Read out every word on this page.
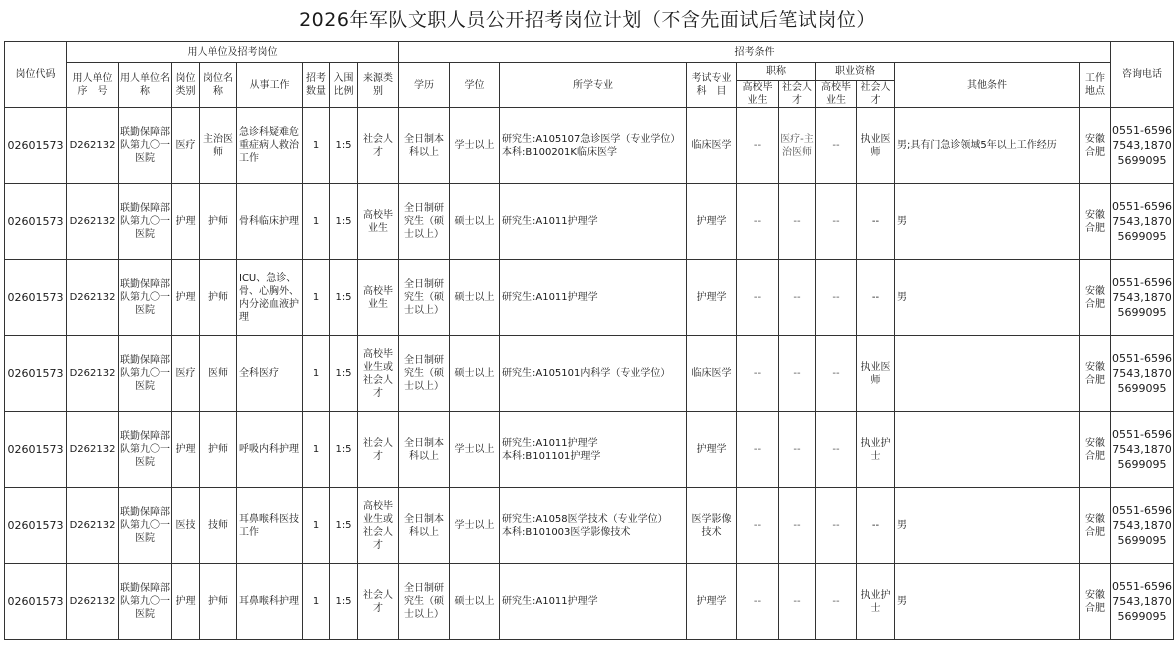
2026年军队文职人员公开招考岗位计划（不含先面试后笔试岗位）
岗位代码	用人单位及招考岗位								招考条件										咨询电话
	用人单位序　号	用人单位名　称	岗位类别	岗位名称	从事工作	招考数量	入围比例	来源类别	学历	学位	所学专业	考试专业科　目	职称		职业资格		其他条件	工作地点	
													高校毕业生	社会人才	高校毕业生	社会人才			
02601573	D262132	联勤保障部队第九〇一医院	医疗	主治医师	急诊科疑难危重症病人救治工作	1	1:5	社会人才	全日制本科以上	学士以上	研究生:A105107急诊医学（专业学位）
本科:B100201K临床医学	临床医学	--	医疗-主治医师	--	执业医师	男;具有门急诊领域5年以上工作经历	安徽合肥	0551-65967543,18705699095
02601573	D262132	联勤保障部队第九〇一医院	护理	护师	骨科临床护理	1	1:5	高校毕业生	全日制研究生（硕士以上）	硕士以上	研究生:A1011护理学	护理学	--	--	--	--	男	安徽合肥	0551-65967543,18705699095
02601573	D262132	联勤保障部队第九〇一医院	护理	护师	ICU、急诊、骨、心胸外、内分泌血液护理	1	1:5	高校毕业生	全日制研究生（硕士以上）	硕士以上	研究生:A1011护理学	护理学	--	--	--	--	男	安徽合肥	0551-65967543,18705699095
02601573	D262132	联勤保障部队第九〇一医院	医疗	医师	全科医疗	1	1:5	高校毕业生或社会人才	全日制研究生（硕士以上）	硕士以上	研究生:A105101内科学（专业学位）	临床医学	--	--	--	执业医师		安徽合肥	0551-65967543,18705699095
02601573	D262132	联勤保障部队第九〇一医院	护理	护师	呼吸内科护理	1	1:5	社会人才	全日制本科以上	学士以上	研究生:A1011护理学
本科:B101101护理学	护理学	--	--	--	执业护士		安徽合肥	0551-65967543,18705699095
02601573	D262132	联勤保障部队第九〇一医院	医技	技师	耳鼻喉科医技工作	1	1:5	高校毕业生或社会人才	全日制本科以上	学士以上	研究生:A1058医学技术（专业学位）
本科:B101003医学影像技术	医学影像技术	--	--	--	--	男	安徽合肥	0551-65967543,18705699095
02601573	D262132	联勤保障部队第九〇一医院	护理	护师	耳鼻喉科护理	1	1:5	社会人才	全日制研究生（硕士以上）	硕士以上	研究生:A1011护理学	护理学	--	--	--	执业护士	男	安徽合肥	0551-65967543,18705699095
